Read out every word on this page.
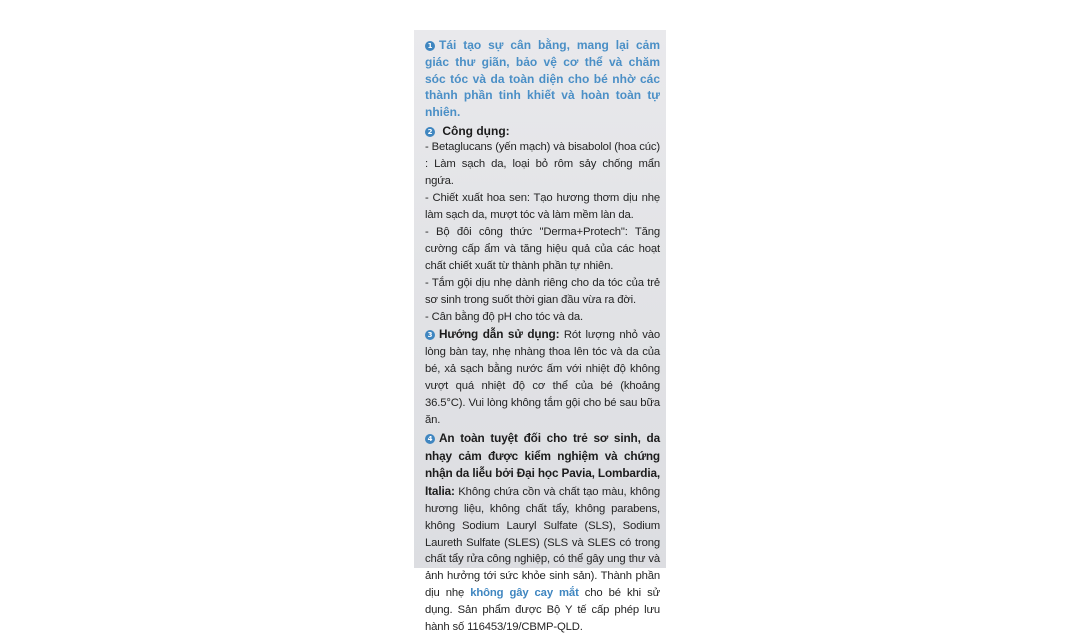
1 Tái tạo sự cân bằng, mang lại cảm giác thư giãn, bảo vệ cơ thể và chăm sóc tóc và da toàn diện cho bé nhờ các thành phần tinh khiết và hoàn toàn tự nhiên.
2 Công dụng:
- Betaglucans (yến mạch) và bisabolol (hoa cúc) : Làm sạch da, loại bỏ rôm sảy chống mẩn ngứa.
- Chiết xuất hoa sen: Tạo hương thơm dịu nhẹ làm sạch da, mượt tóc và làm mềm làn da.
- Bộ đôi công thức "Derma+Protech": Tăng cường cấp ẩm và tăng hiệu quả của các hoạt chất chiết xuất từ thành phần tự nhiên.
- Tắm gội dịu nhẹ dành riêng cho da tóc của trẻ sơ sinh trong suốt thời gian đầu vừa ra đời.
- Cân bằng độ pH cho tóc và da.
3 Hướng dẫn sử dụng: Rót lượng nhỏ vào lòng bàn tay, nhẹ nhàng thoa lên tóc và da của bé, xả sạch bằng nước ấm với nhiệt độ không vượt quá nhiệt độ cơ thể của bé (khoảng 36.5°C). Vui lòng không tắm gội cho bé sau bữa ăn.
4 An toàn tuyệt đối cho trẻ sơ sinh, da nhạy cảm được kiểm nghiệm và chứng nhận da liễu bởi Đại học Pavia, Lombardia, Italia: Không chứa cồn và chất tạo màu, không hương liệu, không chất tẩy, không parabens, không Sodium Lauryl Sulfate (SLS), Sodium Laureth Sulfate (SLES) (SLS và SLES có trong chất tẩy rửa công nghiệp, có thể gây ung thư và ảnh hưởng tới sức khỏe sinh sản). Thành phần dịu nhẹ không gây cay mắt cho bé khi sử dụng. Sản phẩm được Bộ Y tế cấp phép lưu hành số 116453/19/CBMP-QLD.
